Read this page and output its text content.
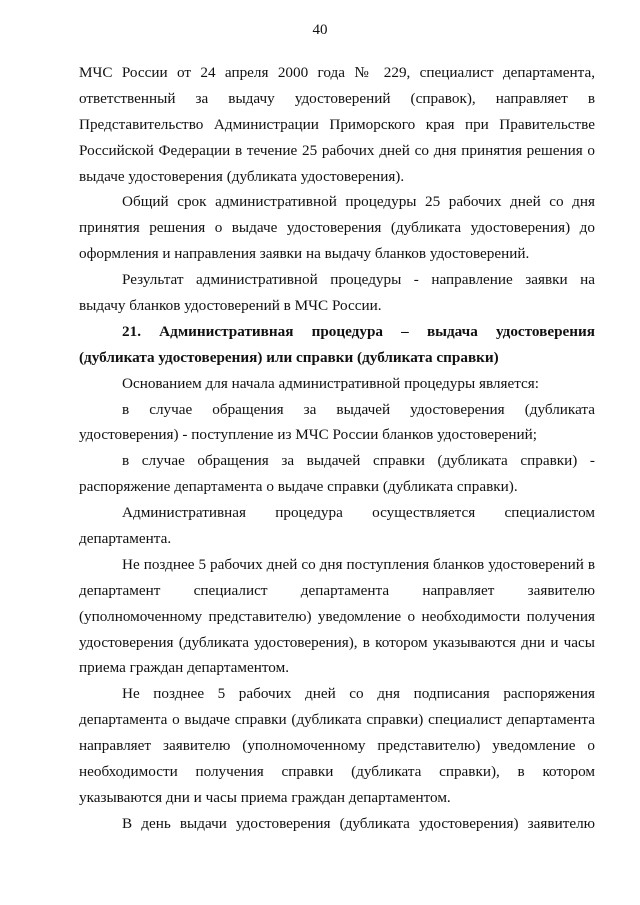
40
МЧС России от 24 апреля 2000 года № 229, специалист департамента,
ответственный за выдачу удостоверений (справок), направляет в
Представительство Администрации Приморского края при Правительстве
Российской Федерации в течение 25 рабочих дней со дня принятия решения о
выдаче удостоверения (дубликата удостоверения).
Общий срок административной процедуры 25 рабочих дней со дня
принятия решения о выдаче удостоверения (дубликата удостоверения) до
оформления и направления заявки на выдачу бланков удостоверений.
Результат административной процедуры - направление заявки на
выдачу бланков удостоверений в МЧС России.
21. Административная процедура – выдача удостоверения
(дубликата удостоверения) или справки (дубликата справки)
Основанием для начала административной процедуры является:
в случае обращения за выдачей удостоверения (дубликата
удостоверения) - поступление из МЧС России бланков удостоверений;
в случае обращения за выдачей справки (дубликата справки) -
распоряжение департамента о выдаче справки (дубликата справки).
Административная процедура осуществляется специалистом
департамента.
Не позднее 5 рабочих дней со дня поступления бланков удостоверений в
департамент специалист департамента направляет заявителю
(уполномоченному представителю) уведомление о необходимости получения
удостоверения (дубликата удостоверения), в котором указываются дни и часы
приема граждан департаментом.
Не позднее 5 рабочих дней со дня подписания распоряжения
департамента о выдаче справки (дубликата справки) специалист департамента
направляет заявителю (уполномоченному представителю) уведомление о
необходимости получения справки (дубликата справки), в котором
указываются дни и часы приема граждан департаментом.
В день выдачи удостоверения (дубликата удостоверения) заявителю
